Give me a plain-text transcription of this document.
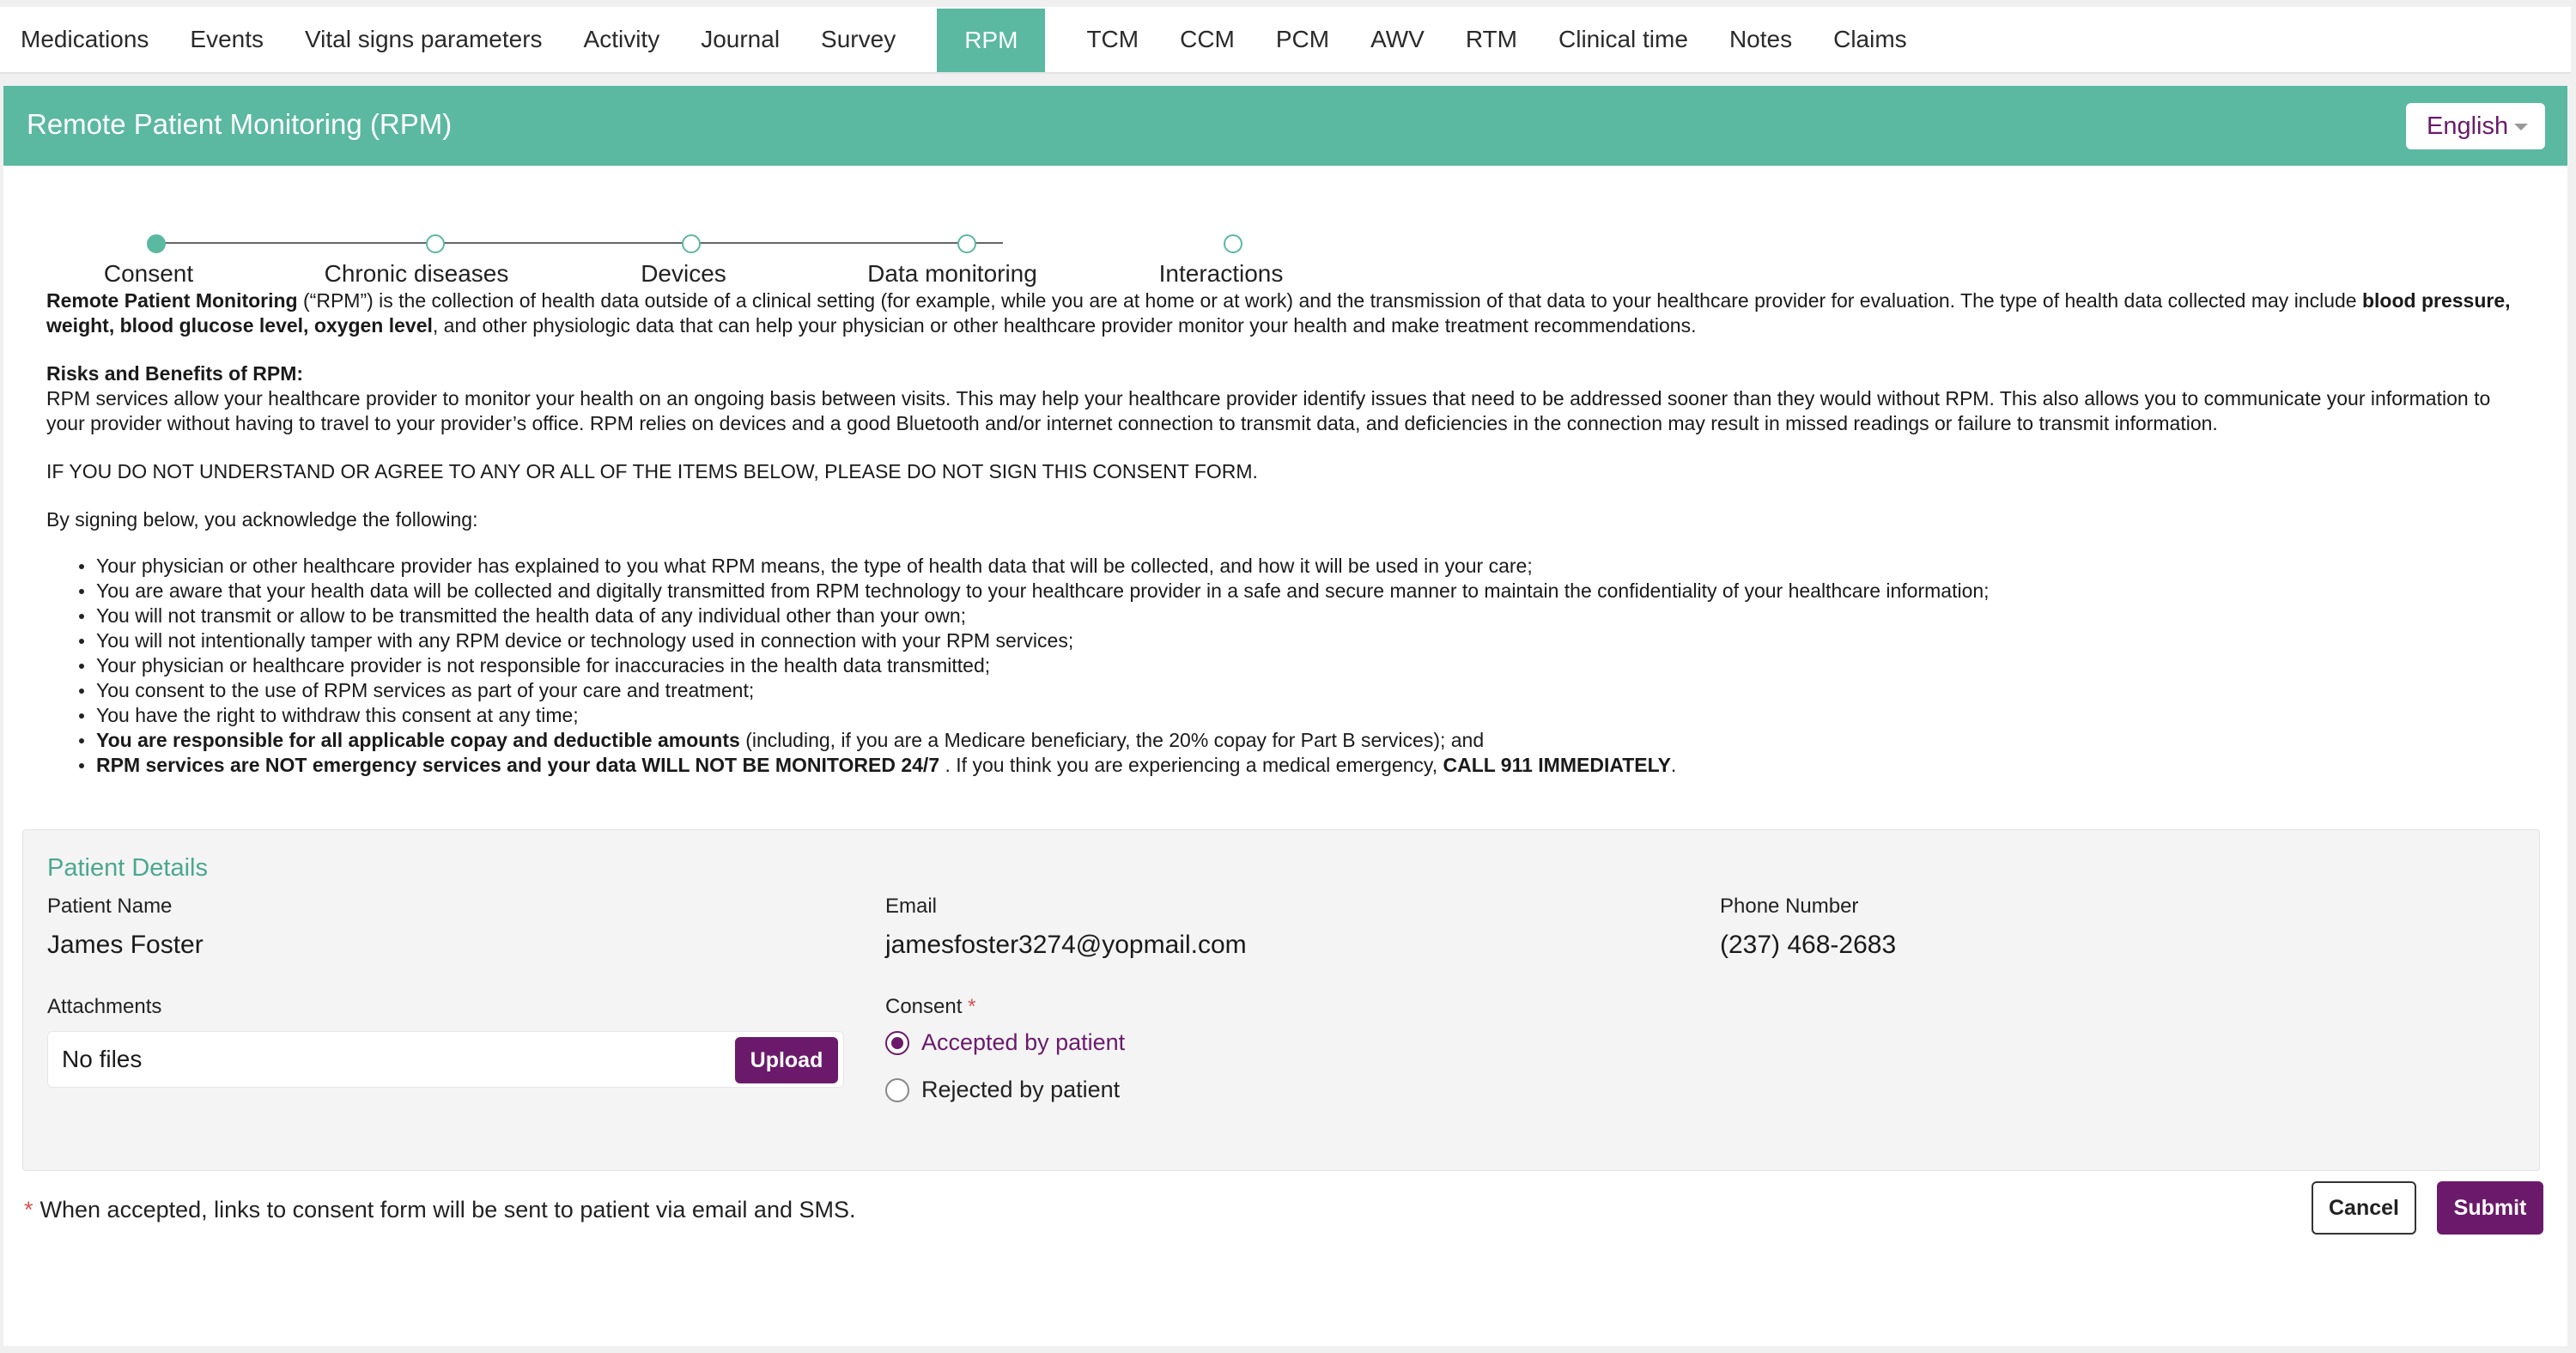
Medications	Events	Vital signs parameters	Activity	Journal	Survey	RPM	TCM	CCM	PCM	AWV	RTM	Clinical time	Notes	Claims
Remote Patient Monitoring (RPM)	English
Consent	Chronic diseases	Devices	Data monitoring	Interactions

Remote Patient Monitoring (“RPM”) is the collection of health data outside of a clinical setting (for example, while you are at home or at work) and the transmission of that data to your healthcare provider for evaluation. The type of health data collected may include blood pressure, weight, blood glucose level, oxygen level, and other physiologic data that can help your physician or other healthcare provider monitor your health and make treatment recommendations.

Risks and Benefits of RPM:
RPM services allow your healthcare provider to monitor your health on an ongoing basis between visits. This may help your healthcare provider identify issues that need to be addressed sooner than they would without RPM. This also allows you to communicate your information to your provider without having to travel to your provider’s office. RPM relies on devices and a good Bluetooth and/or internet connection to transmit data, and deficiencies in the connection may result in missed readings or failure to transmit information.

IF YOU DO NOT UNDERSTAND OR AGREE TO ANY OR ALL OF THE ITEMS BELOW, PLEASE DO NOT SIGN THIS CONSENT FORM.

By signing below, you acknowledge the following:

Your physician or other healthcare provider has explained to you what RPM means, the type of health data that will be collected, and how it will be used in your care;
You are aware that your health data will be collected and digitally transmitted from RPM technology to your healthcare provider in a safe and secure manner to maintain the confidentiality of your healthcare information;
You will not transmit or allow to be transmitted the health data of any individual other than your own;
You will not intentionally tamper with any RPM device or technology used in connection with your RPM services;
Your physician or healthcare provider is not responsible for inaccuracies in the health data transmitted;
You consent to the use of RPM services as part of your care and treatment;
You have the right to withdraw this consent at any time;
You are responsible for all applicable copay and deductible amounts (including, if you are a Medicare beneficiary, the 20% copay for Part B services); and
RPM services are NOT emergency services and your data WILL NOT BE MONITORED 24/7 . If you think you are experiencing a medical emergency, CALL 911 IMMEDIATELY.
Patient Details
Patient Name
James Foster
Email
jamesfoster3274@yopmail.com
Phone Number
(237) 468-2683
Attachments
No files	Upload
Consent *
Accepted by patient
Rejected by patient
* When accepted, links to consent form will be sent to patient via email and SMS.	Cancel	Submit
